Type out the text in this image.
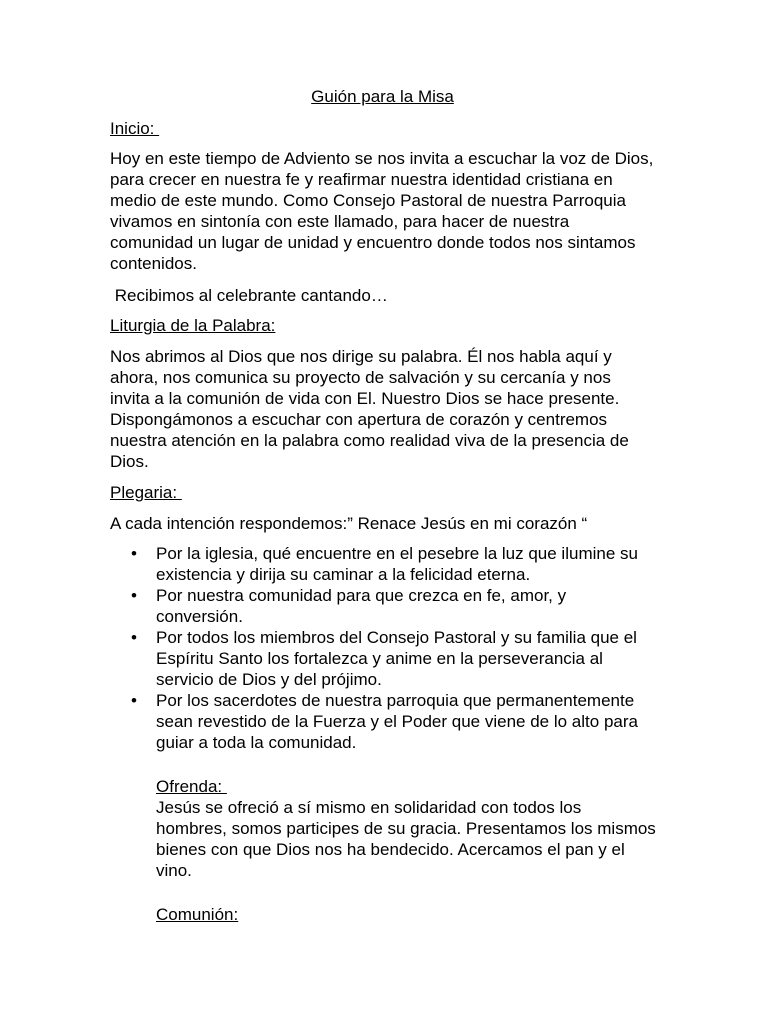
Guión para la Misa
Inicio:
Hoy en este tiempo de Adviento se nos invita a escuchar la voz de Dios, para crecer en nuestra fe y reafirmar nuestra identidad cristiana en medio de este mundo. Como Consejo Pastoral de nuestra Parroquia vivamos en sintonía con este llamado, para hacer de nuestra comunidad un lugar de unidad y encuentro donde todos nos sintamos contenidos.
Recibimos al celebrante cantando…
Liturgia de la Palabra:
Nos abrimos al Dios que nos dirige su palabra. Él nos habla aquí y ahora, nos comunica su proyecto de salvación y su cercanía y nos invita a la comunión de vida con El. Nuestro Dios se hace presente. Dispongámonos a escuchar con apertura de corazón y centremos nuestra atención en la palabra como realidad viva de la presencia de Dios.
Plegaria:
A cada intención respondemos:” Renace Jesús en mi corazón “
• Por la iglesia, qué encuentre en el pesebre la luz que ilumine su existencia y dirija su caminar a la felicidad eterna.
• Por nuestra comunidad para que crezca en fe, amor, y conversión.
• Por todos los miembros del Consejo Pastoral y su familia que el Espíritu Santo los fortalezca y anime en la perseverancia al servicio de Dios y del prójimo.
• Por los sacerdotes de nuestra parroquia que permanentemente sean revestido de la Fuerza y el Poder que viene de lo alto para guiar a toda la comunidad.
Ofrenda:
Jesús se ofreció a sí mismo en solidaridad con todos los hombres, somos participes de su gracia. Presentamos los mismos bienes con que Dios nos ha bendecido. Acercamos el pan y el vino.
Comunión:
